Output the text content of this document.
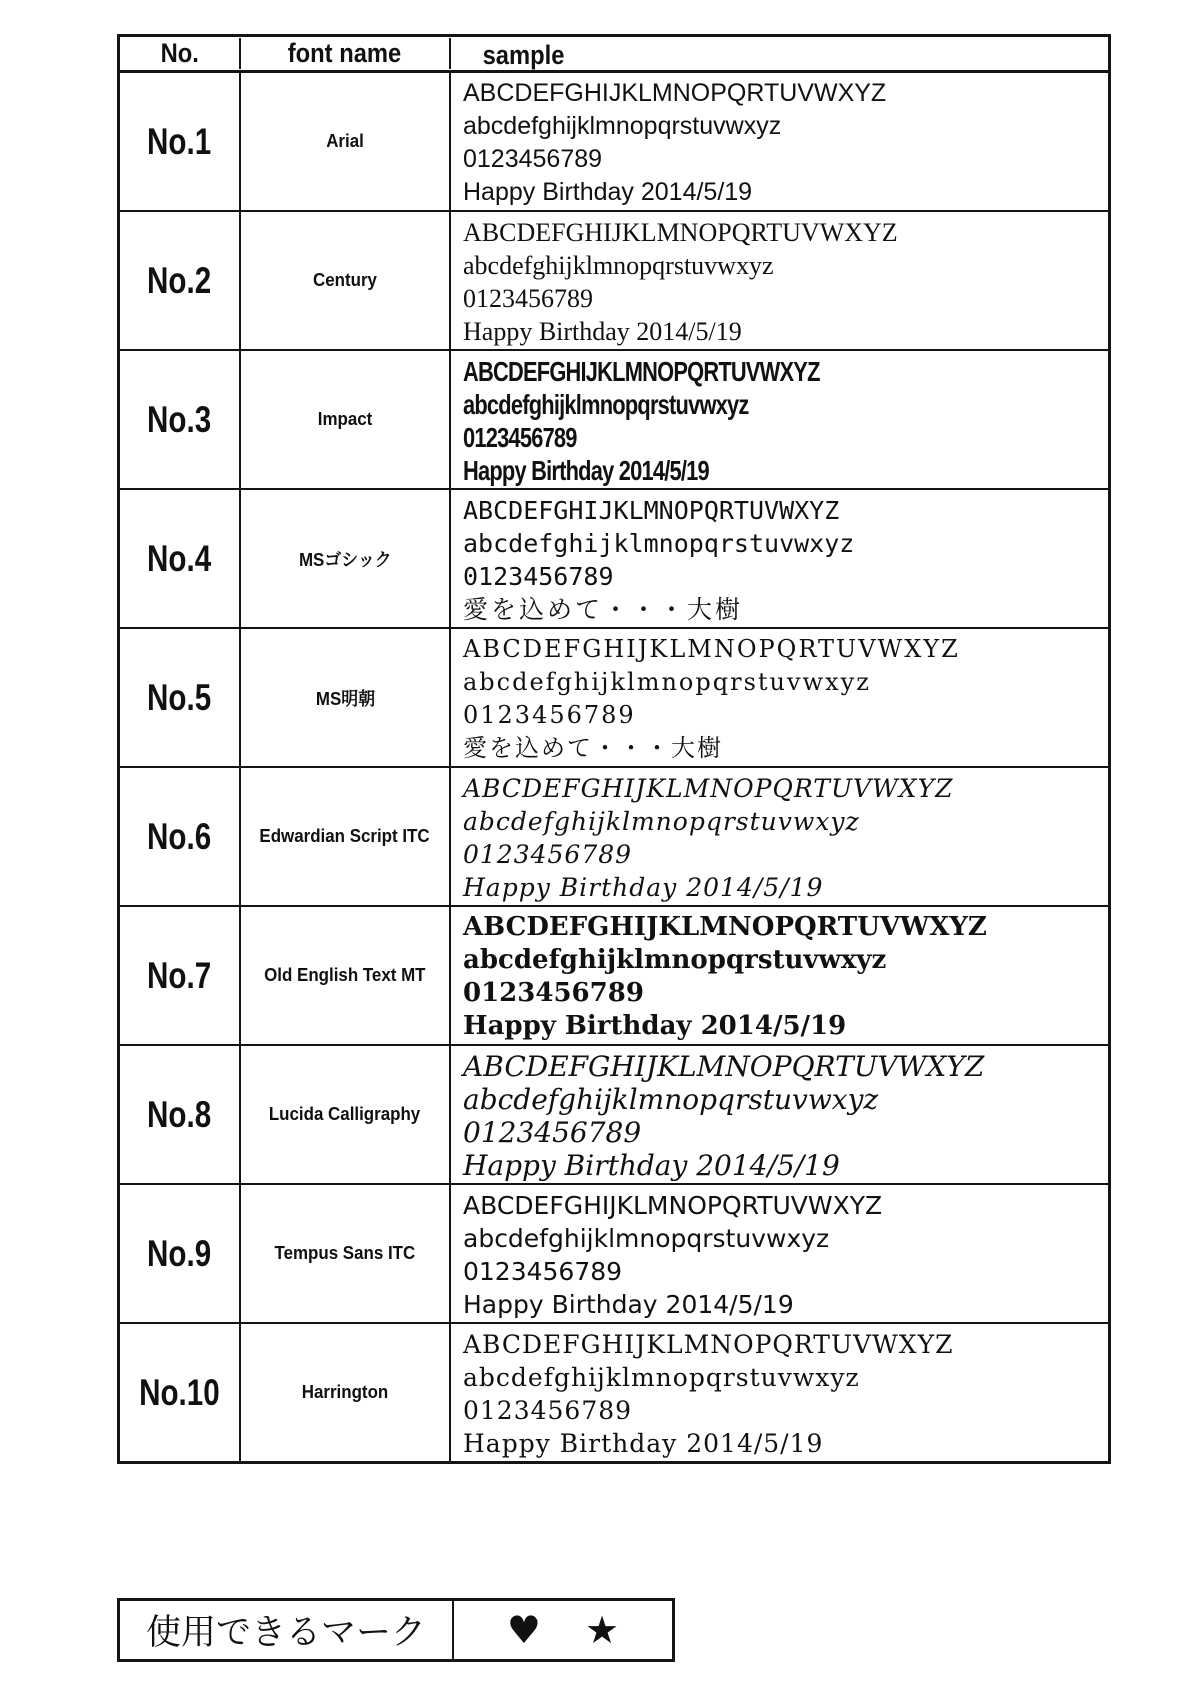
No.	font name	sample
No.1	Arial
ABCDEFGHIJKLMNOPQRTUVWXYZ
abcdefghijklmnopqrstuvwxyz
0123456789
Happy Birthday 2014/5/19
No.2	Century
ABCDEFGHIJKLMNOPQRTUVWXYZ
abcdefghijklmnopqrstuvwxyz
0123456789
Happy Birthday 2014/5/19
No.3	Impact
ABCDEFGHIJKLMNOPQRTUVWXYZ
abcdefghijklmnopqrstuvwxyz
0123456789
Happy Birthday 2014/5/19
No.4	MSゴシック
ABCDEFGHIJKLMNOPQRTUVWXYZ
abcdefghijklmnopqrstuvwxyz
0123456789
愛を込めて・・・大樹
No.5	MS明朝
ABCDEFGHIJKLMNOPQRTUVWXYZ
abcdefghijklmnopqrstuvwxyz
0123456789
愛を込めて・・・大樹
No.6	Edwardian Script ITC
ABCDEFGHIJKLMNOPQRTUVWXYZ
abcdefghijklmnopqrstuvwxyz
0123456789
Happy Birthday 2014/5/19
No.7	Old English Text MT
ABCDEFGHIJKLMNOPQRTUVWXYZ
abcdefghijklmnopqrstuvwxyz
0123456789
Happy Birthday 2014/5/19
No.8	Lucida Calligraphy
ABCDEFGHIJKLMNOPQRTUVWXYZ
abcdefghijklmnopqrstuvwxyz
0123456789
Happy Birthday 2014/5/19
No.9	Tempus Sans ITC
ABCDEFGHIJKLMNOPQRTUVWXYZ
abcdefghijklmnopqrstuvwxyz
0123456789
Happy Birthday 2014/5/19
No.10	Harrington
ABCDEFGHIJKLMNOPQRTUVWXYZ
abcdefghijklmnopqrstuvwxyz
0123456789
Happy Birthday 2014/5/19
使用できるマーク	♥ ★
